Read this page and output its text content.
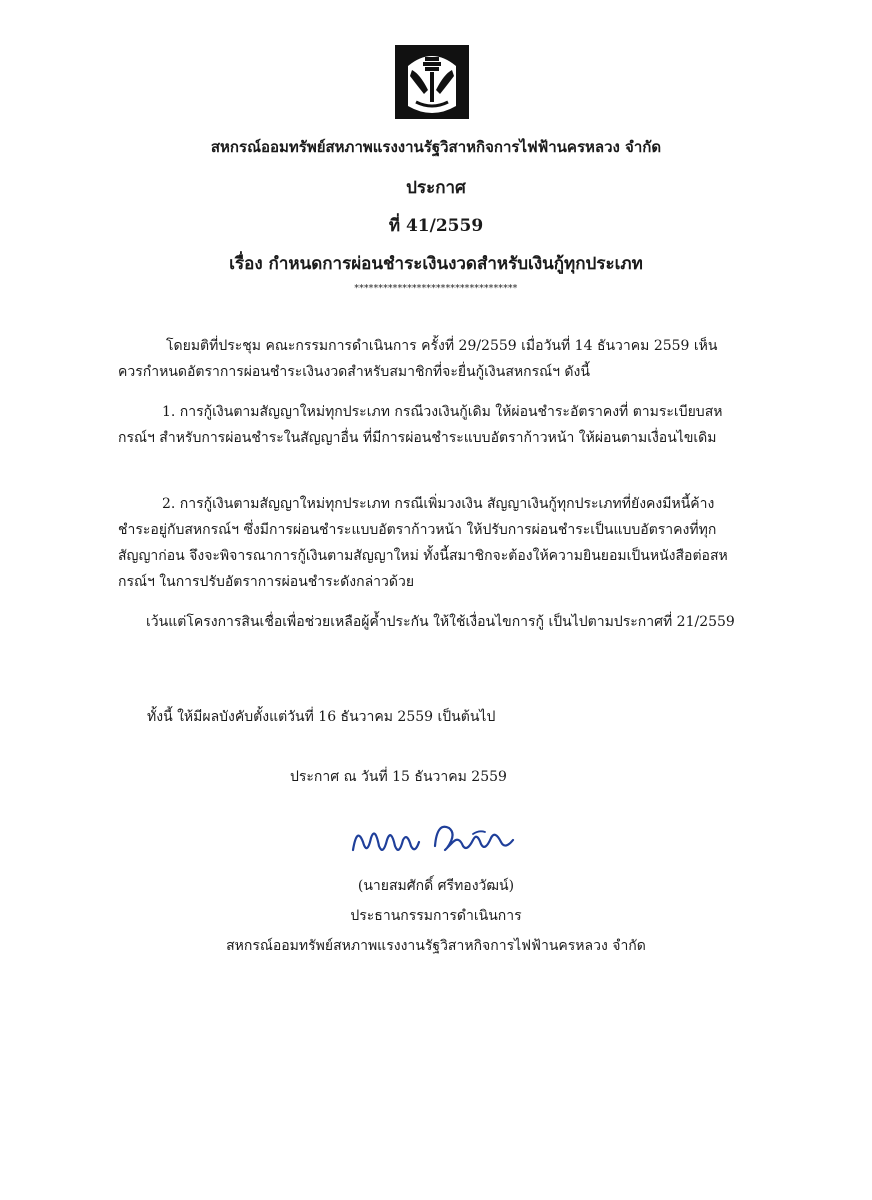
สหกรณ์ออมทรัพย์สหภาพแรงงานรัฐวิสาหกิจการไฟฟ้านครหลวง จำกัด
ประกาศ
ที่ 41/2559
เรื่อง กำหนดการผ่อนชำระเงินงวดสำหรับเงินกู้ทุกประเภท
**********************************
โดยมติที่ประชุม คณะกรรมการดำเนินการ ครั้งที่ 29/2559 เมื่อวันที่ 14 ธันวาคม 2559 เห็นควรกำหนดอัตราการผ่อนชำระเงินงวดสำหรับสมาชิกที่จะยื่นกู้เงินสหกรณ์ฯ ดังนี้
1. การกู้เงินตามสัญญาใหม่ทุกประเภท กรณีวงเงินกู้เดิม ให้ผ่อนชำระอัตราคงที่ ตามระเบียบสหกรณ์ฯ สำหรับการผ่อนชำระในสัญญาอื่น ที่มีการผ่อนชำระแบบอัตราก้าวหน้า ให้ผ่อนตามเงื่อนไขเดิม
2. การกู้เงินตามสัญญาใหม่ทุกประเภท กรณีเพิ่มวงเงิน สัญญาเงินกู้ทุกประเภทที่ยังคงมีหนี้ค้างชำระอยู่กับสหกรณ์ฯ ซึ่งมีการผ่อนชำระแบบอัตราก้าวหน้า ให้ปรับการผ่อนชำระเป็นแบบอัตราคงที่ทุกสัญญาก่อน จึงจะพิจารณาการกู้เงินตามสัญญาใหม่ ทั้งนี้สมาชิกจะต้องให้ความยินยอมเป็นหนังสือต่อสหกรณ์ฯ ในการปรับอัตราการผ่อนชำระดังกล่าวด้วย
เว้นแต่โครงการสินเชื่อเพื่อช่วยเหลือผู้ค้ำประกัน ให้ใช้เงื่อนไขการกู้ เป็นไปตามประกาศที่ 21/2559
ทั้งนี้ ให้มีผลบังคับตั้งแต่วันที่ 16 ธันวาคม 2559 เป็นต้นไป
ประกาศ ณ วันที่ 15 ธันวาคม 2559
(นายสมศักดิ์ ศรีทองวัฒน์)
ประธานกรรมการดำเนินการ
สหกรณ์ออมทรัพย์สหภาพแรงงานรัฐวิสาหกิจการไฟฟ้านครหลวง จำกัด
